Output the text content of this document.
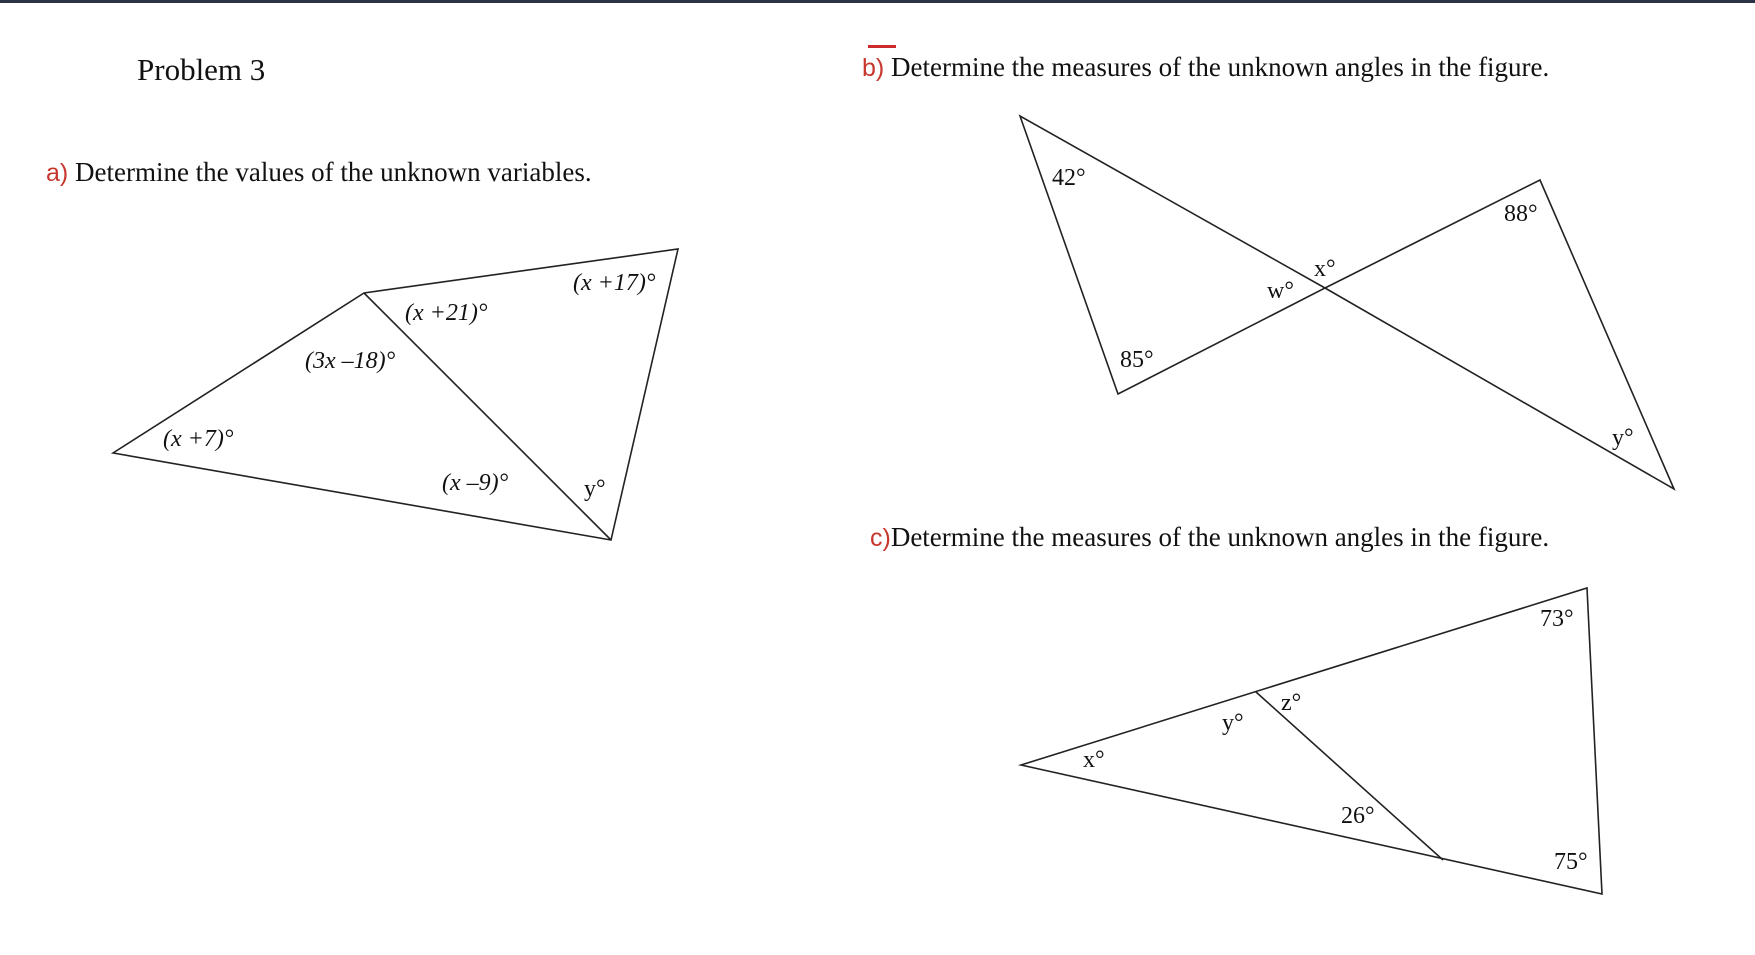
Problem 3
a) Determine the values of the unknown variables.
b) Determine the measures of the unknown angles in the figure.
c)Determine the measures of the unknown angles in the figure.
(x +17)°
(x +21)°
(3x –18)°
(x +7)°
(x –9)°	y°
42°
88°
x°
w°
85°
y°
73°
z°
y°
x°
26°
75°
